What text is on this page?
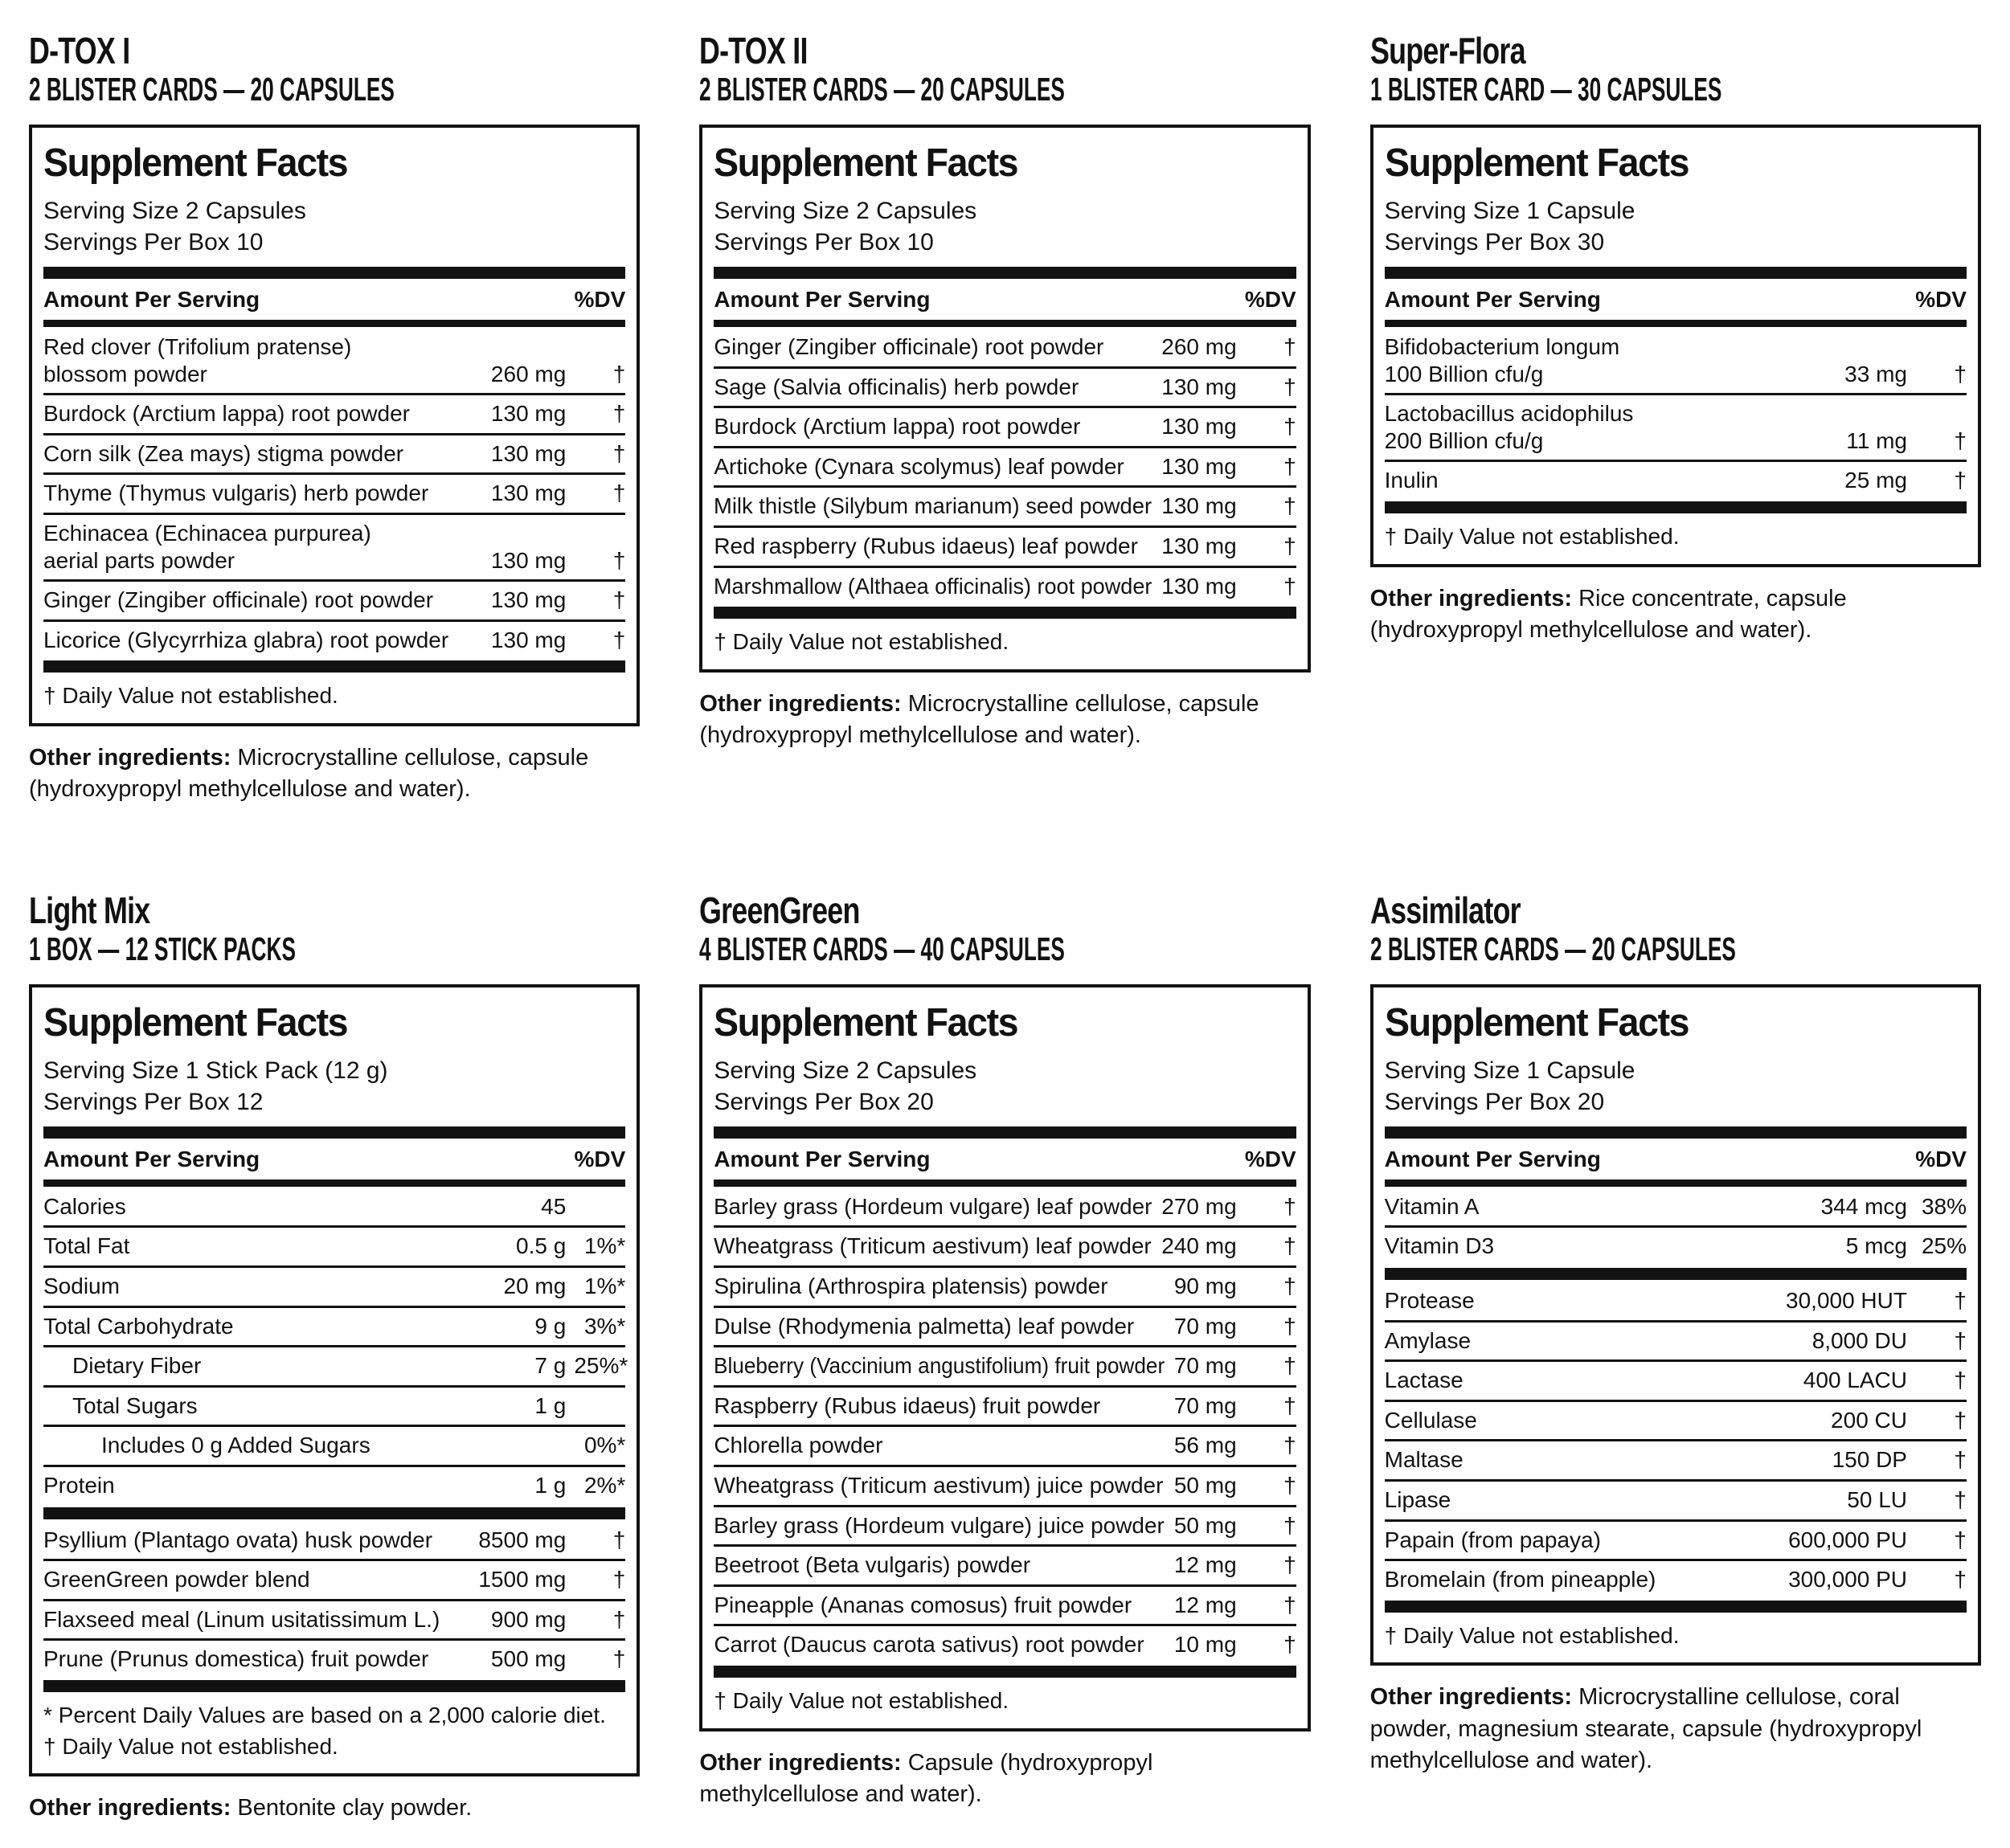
D-TOX I
2 BLISTER CARDS — 20 CAPSULES
Supplement Facts
Serving Size 2 Capsules
Servings Per Box 10
Amount Per Serving	%DV
Red clover (Trifolium pratense)
blossom powder	260 mg	†
Burdock (Arctium lappa) root powder	130 mg	†
Corn silk (Zea mays) stigma powder	130 mg	†
Thyme (Thymus vulgaris) herb powder	130 mg	†
Echinacea (Echinacea purpurea)
aerial parts powder	130 mg	†
Ginger (Zingiber officinale) root powder	130 mg	†
Licorice (Glycyrrhiza glabra) root powder	130 mg	†
† Daily Value not established.

Other ingredients: Microcrystalline cellulose, capsule (hydroxypropyl methylcellulose and water).

D-TOX II
2 BLISTER CARDS — 20 CAPSULES
Supplement Facts
Serving Size 2 Capsules
Servings Per Box 10
Amount Per Serving	%DV
Ginger (Zingiber officinale) root powder	260 mg	†
Sage (Salvia officinalis) herb powder	130 mg	†
Burdock (Arctium lappa) root powder	130 mg	†
Artichoke (Cynara scolymus) leaf powder	130 mg	†
Milk thistle (Silybum marianum) seed powder 130 mg	†
Red raspberry (Rubus idaeus) leaf powder	130 mg	†
Marshmallow (Althaea officinalis) root powder 130 mg	†
† Daily Value not established.

Other ingredients: Microcrystalline cellulose, capsule (hydroxypropyl methylcellulose and water).

Super-Flora
1 BLISTER CARD — 30 CAPSULES
Supplement Facts
Serving Size 1 Capsule
Servings Per Box 30
Amount Per Serving	%DV
Bifidobacterium longum
100 Billion cfu/g	33 mg	†
Lactobacillus acidophilus
200 Billion cfu/g	11 mg	†
Inulin	25 mg	†
† Daily Value not established.

Other ingredients: Rice concentrate, capsule (hydroxypropyl methylcellulose and water).

Light Mix
1 BOX — 12 STICK PACKS
Supplement Facts
Serving Size 1 Stick Pack (12 g)
Servings Per Box 12
Amount Per Serving	%DV
Calories	45
Total Fat	0.5 g 1%*
Sodium	20 mg 1%*
Total Carbohydrate	9 g 3%*
Dietary Fiber	7 g 25%*
Total Sugars	1 g
Includes 0 g Added Sugars	0%*
Protein	1 g 2%*
Psyllium (Plantago ovata) husk powder	8500 mg	†
GreenGreen powder blend	1500 mg	†
Flaxseed meal (Linum usitatissimum L.)	900 mg	†
Prune (Prunus domestica) fruit powder	500 mg	†
* Percent Daily Values are based on a 2,000 calorie diet.
† Daily Value not established.

Other ingredients: Bentonite clay powder.

GreenGreen
4 BLISTER CARDS — 40 CAPSULES
Supplement Facts
Serving Size 2 Capsules
Servings Per Box 20
Amount Per Serving	%DV
Barley grass (Hordeum vulgare) leaf powder 270 mg	†
Wheatgrass (Triticum aestivum) leaf powder 240 mg	†
Spirulina (Arthrospira platensis) powder	90 mg	†
Dulse (Rhodymenia palmetta) leaf powder	70 mg	†
Blueberry (Vaccinium angustifolium) fruit powder 70 mg	†
Raspberry (Rubus idaeus) fruit powder	70 mg	†
Chlorella powder	56 mg	†
Wheatgrass (Triticum aestivum) juice powder 50 mg	†
Barley grass (Hordeum vulgare) juice powder 50 mg	†
Beetroot (Beta vulgaris) powder	12 mg	†
Pineapple (Ananas comosus) fruit powder	12 mg	†
Carrot (Daucus carota sativus) root powder	10 mg	†
† Daily Value not established.

Other ingredients: Capsule (hydroxypropyl methylcellulose and water).

Assimilator
2 BLISTER CARDS — 20 CAPSULES
Supplement Facts
Serving Size 1 Capsule
Servings Per Box 20
Amount Per Serving	%DV
Vitamin A	344 mcg 38%
Vitamin D3	5 mcg 25%
Protease	30,000 HUT	†
Amylase	8,000 DU	†
Lactase	400 LACU	†
Cellulase	200 CU	†
Maltase	150 DP	†
Lipase	50 LU	†
Papain (from papaya)	600,000 PU	†
Bromelain (from pineapple)	300,000 PU	†
† Daily Value not established.

Other ingredients: Microcrystalline cellulose, coral powder, magnesium stearate, capsule (hydroxypropyl methylcellulose and water).
